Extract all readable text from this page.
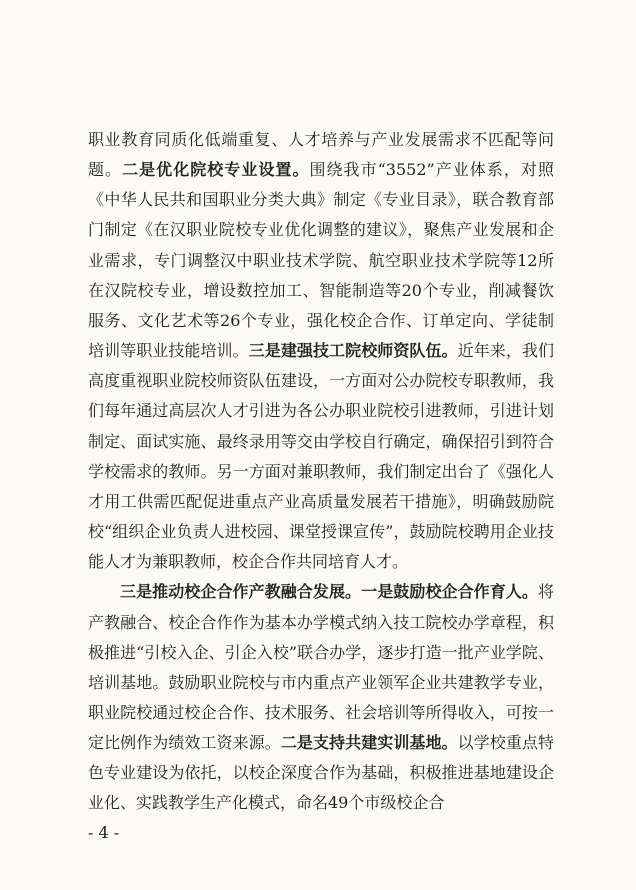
职业教育同质化低端重复、人才培养与产业发展需求不匹配等问题。二是优化院校专业设置。围绕我市“3552”产业体系，对照《中华人民共和国职业分类大典》制定《专业目录》，联合教育部门制定《在汉职业院校专业优化调整的建议》，聚焦产业发展和企业需求，专门调整汉中职业技术学院、航空职业技术学院等12所在汉院校专业，增设数控加工、智能制造等20个专业，削减餐饮服务、文化艺术等26个专业，强化校企合作、订单定向、学徒制培训等职业技能培训。三是建强技工院校师资队伍。近年来，我们高度重视职业院校师资队伍建设，一方面对公办院校专职教师，我们每年通过高层次人才引进为各公办职业院校引进教师，引进计划制定、面试实施、最终录用等交由学校自行确定，确保招引到符合学校需求的教师。另一方面对兼职教师，我们制定出台了《强化人才用工供需匹配促进重点产业高质量发展若干措施》，明确鼓励院校“组织企业负责人进校园、课堂授课宣传”，鼓励院校聘用企业技能人才为兼职教师，校企合作共同培育人才。

三是推动校企合作产教融合发展。一是鼓励校企合作育人。将产教融合、校企合作作为基本办学模式纳入技工院校办学章程，积极推进“引校入企、引企入校”联合办学，逐步打造一批产业学院、培训基地。鼓励职业院校与市内重点产业领军企业共建教学专业，职业院校通过校企合作、技术服务、社会培训等所得收入，可按一定比例作为绩效工资来源。二是支持共建实训基地。以学校重点特色专业建设为依托，以校企深度合作为基础，积极推进基地建设企业化、实践教学生产化模式，命名49个市级校企合

- 4 -
